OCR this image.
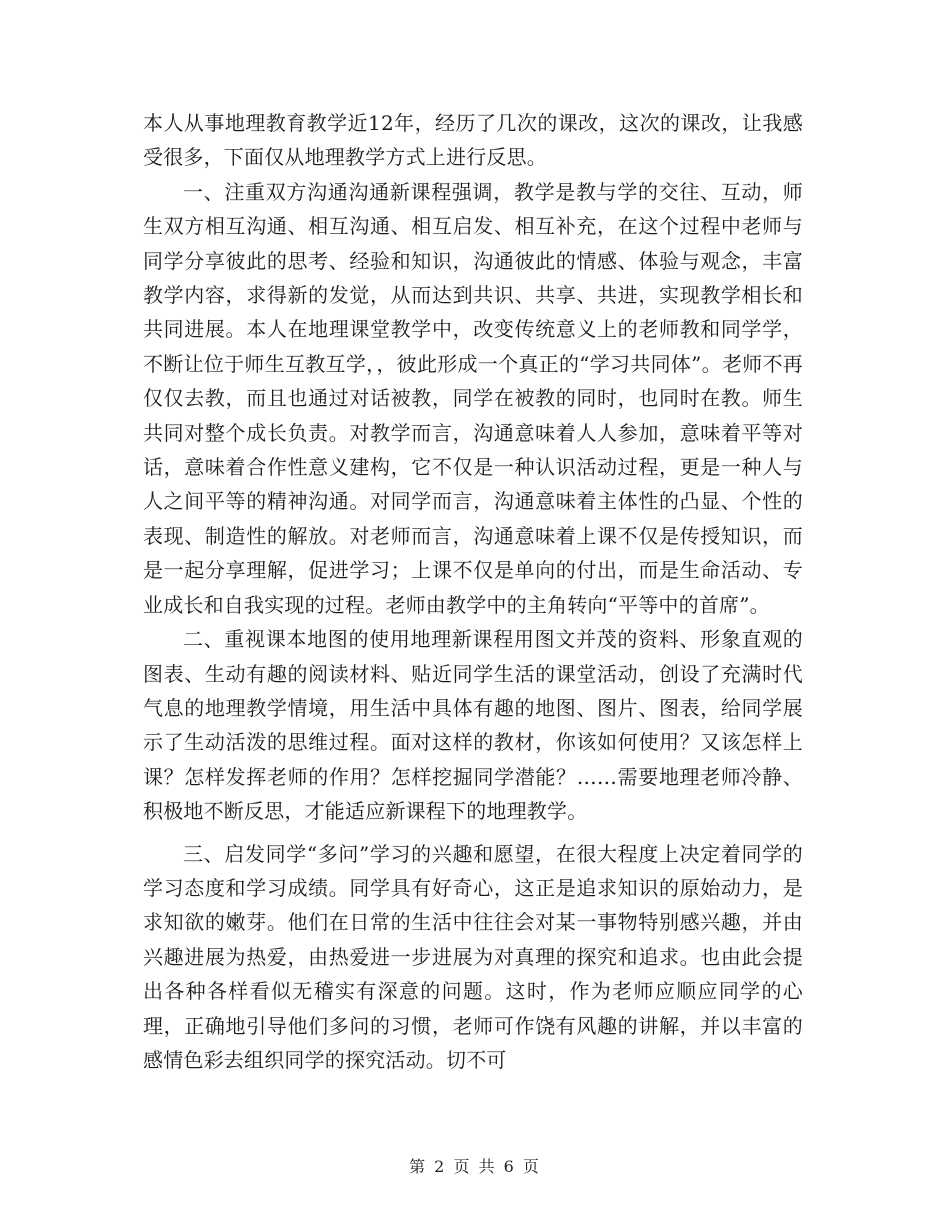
本人从事地理教育教学近12年，经历了几次的课改，这次的课改，让我感受很多，下面仅从地理教学方式上进行反思。

一、注重双方沟通沟通新课程强调，教学是教与学的交往、互动，师生双方相互沟通、相互沟通、相互启发、相互补充，在这个过程中老师与同学分享彼此的思考、经验和知识，沟通彼此的情感、体验与观念，丰富教学内容，求得新的发觉，从而达到共识、共享、共进，实现教学相长和共同进展。本人在地理课堂教学中，改变传统意义上的老师教和同学学，不断让位于师生互教互学，，彼此形成一个真正的“学习共同体”。老师不再仅仅去教，而且也通过对话被教，同学在被教的同时，也同时在教。师生共同对整个成长负责。对教学而言，沟通意味着人人参加，意味着平等对话，意味着合作性意义建构，它不仅是一种认识活动过程，更是一种人与人之间平等的精神沟通。对同学而言，沟通意味着主体性的凸显、个性的表现、制造性的解放。对老师而言，沟通意味着上课不仅是传授知识，而是一起分享理解，促进学习；上课不仅是单向的付出，而是生命活动、专业成长和自我实现的过程。老师由教学中的主角转向“平等中的首席”。

二、重视课本地图的使用地理新课程用图文并茂的资料、形象直观的图表、生动有趣的阅读材料、贴近同学生活的课堂活动，创设了充满时代气息的地理教学情境，用生活中具体有趣的地图、图片、图表，给同学展示了生动活泼的思维过程。面对这样的教材，你该如何使用？又该怎样上课？怎样发挥老师的作用？怎样挖掘同学潜能？……需要地理老师冷静、积极地不断反思，才能适应新课程下的地理教学。

三、启发同学“多问”学习的兴趣和愿望，在很大程度上决定着同学的学习态度和学习成绩。同学具有好奇心，这正是追求知识的原始动力，是求知欲的嫩芽。他们在日常的生活中往往会对某一事物特别感兴趣，并由兴趣进展为热爱，由热爱进一步进展为对真理的探究和追求。也由此会提出各种各样看似无稽实有深意的问题。这时，作为老师应顺应同学的心理，正确地引导他们多问的习惯，老师可作饶有风趣的讲解，并以丰富的感情色彩去组织同学的探究活动。切不可

第 2 页 共 6 页
